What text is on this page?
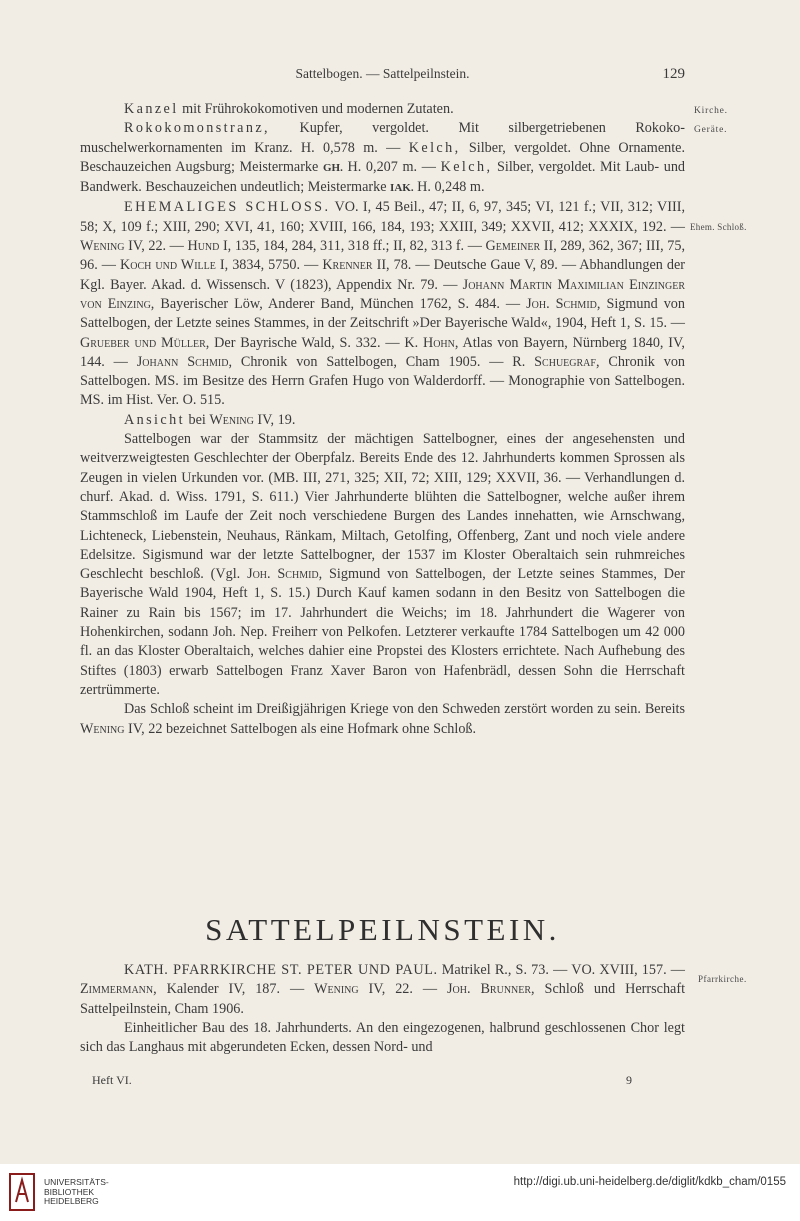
Sattelbogen. — Sattelpeilnstein.	129
Kirche.
Geräte.
Ehem. Schloß.
Pfarrkirche.

Kanzel mit Frührokokomotiven und modernen Zutaten.

Rokokomonstranz, Kupfer, vergoldet. Mit silbergetriebenen Rokoko-muschelwerkornamenten im Kranz. H. 0,578 m. — Kelch, Silber, vergoldet. Ohne Ornamente. Beschauzeichen Augsburg; Meistermarke GH. H. 0,207 m. — Kelch, Silber, vergoldet. Mit Laub- und Bandwerk. Beschauzeichen undeutlich; Meistermarke IAK. H. 0,248 m.

EHEMALIGES SCHLOSS. VO. I, 45 Beil., 47; II, 6, 97, 345; VI, 121 f.; VII, 312; VIII, 58; X, 109 f.; XIII, 290; XVI, 41, 160; XVIII, 166, 184, 193; XXIII, 349; XXVII, 412; XXXIX, 192. — Wening IV, 22. — Hund I, 135, 184, 284, 311, 318 ff.; II, 82, 313 f. — Gemeiner II, 289, 362, 367; III, 75, 96. — Koch und Wille I, 3834, 5750. — Krenner II, 78. — Deutsche Gaue V, 89. — Abhandlungen der Kgl. Bayer. Akad. d. Wissensch. V (1823), Appendix Nr. 79. — Johann Martin Maximilian Einzinger von Einzing, Bayerischer Löw, Anderer Band, München 1762, S. 484. — Joh. Schmid, Sigmund von Sattelbogen, der Letzte seines Stammes, in der Zeitschrift »Der Bayerische Wald«, 1904, Heft 1, S. 15. — Grueber und Müller, Der Bayrische Wald, S. 332. — K. Hohn, Atlas von Bayern, Nürnberg 1840, IV, 144. — Johann Schmid, Chronik von Sattelbogen, Cham 1905. — R. Schuegraf, Chronik von Sattelbogen. MS. im Besitze des Herrn Grafen Hugo von Walderdorff. — Monographie von Sattelbogen. MS. im Hist. Ver. O. 515.

Ansicht bei Wening IV, 19.

Sattelbogen war der Stammsitz der mächtigen Sattelbogner, eines der angesehensten und weitverzweigtesten Geschlechter der Oberpfalz. Bereits Ende des 12. Jahrhunderts kommen Sprossen als Zeugen in vielen Urkunden vor. (MB. III, 271, 325; XII, 72; XIII, 129; XXVII, 36. — Verhandlungen d. churf. Akad. d. Wiss. 1791, S. 611.) Vier Jahrhunderte blühten die Sattelbogner, welche außer ihrem Stammschloß im Laufe der Zeit noch verschiedene Burgen des Landes innehatten, wie Arnschwang, Lichteneck, Liebenstein, Neuhaus, Ränkam, Miltach, Getolfing, Offenberg, Zant und noch viele andere Edelsitze. Sigismund war der letzte Sattelbogner, der 1537 im Kloster Oberaltaich sein ruhmreiches Geschlecht beschloß. (Vgl. Joh. Schmid, Sigmund von Sattelbogen, der Letzte seines Stammes, Der Bayerische Wald 1904, Heft 1, S. 15.) Durch Kauf kamen sodann in den Besitz von Sattelbogen die Rainer zu Rain bis 1567; im 17. Jahrhundert die Weichs; im 18. Jahrhundert die Wagerer von Hohenkirchen, sodann Joh. Nep. Freiherr von Pelkofen. Letzterer verkaufte 1784 Sattelbogen um 42 000 fl. an das Kloster Oberaltaich, welches dahier eine Propstei des Klosters errichtete. Nach Aufhebung des Stiftes (1803) erwarb Sattelbogen Franz Xaver Baron von Hafenbrädl, dessen Sohn die Herrschaft zertrümmerte.

Das Schloß scheint im Dreißigjährigen Kriege von den Schweden zerstört worden zu sein. Bereits Wening IV, 22 bezeichnet Sattelbogen als eine Hofmark ohne Schloß.

SATTELPEILNSTEIN.

KATH. PFARRKIRCHE ST. PETER UND PAUL. Matrikel R., S. 73. — VO. XVIII, 157. — Zimmermann, Kalender IV, 187. — Wening IV, 22. — Joh. Brunner, Schloß und Herrschaft Sattelpeilnstein, Cham 1906.

Einheitlicher Bau des 18. Jahrhunderts. An den eingezogenen, halbrund geschlossenen Chor legt sich das Langhaus mit abgerundeten Ecken, dessen Nord- und

Heft VI.	9
UNIVERSITÄTS-
BIBLIOTHEK
HEIDELBERG
http://digi.ub.uni-heidelberg.de/diglit/kdkb_cham/0155
